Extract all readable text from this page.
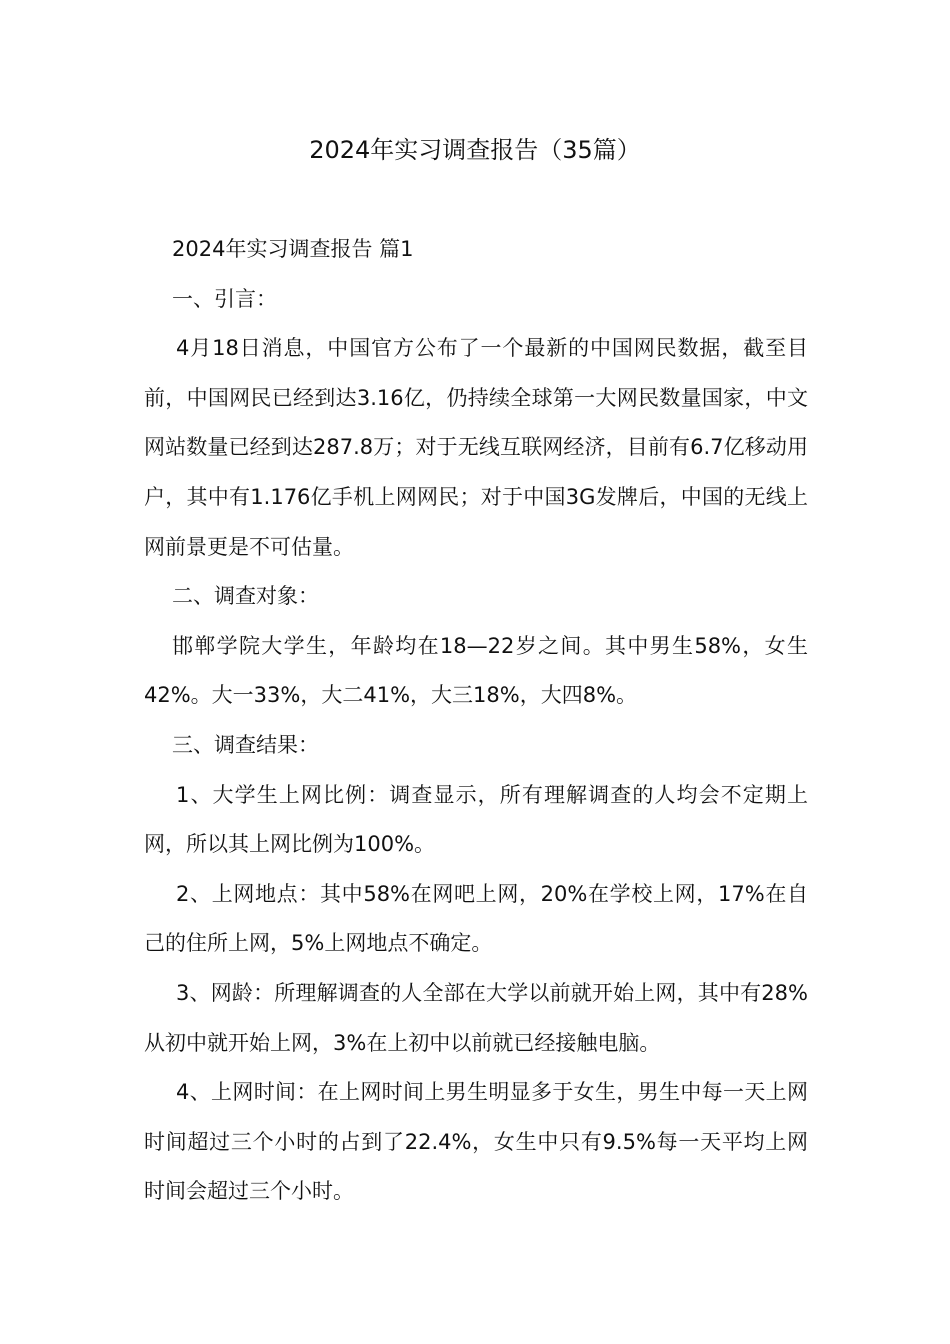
2024年实习调查报告（35篇）

2024年实习调查报告 篇1

一、引言：

4月18日消息，中国官方公布了一个最新的中国网民数据，截至目前，中国网民已经到达3.16亿，仍持续全球第一大网民数量国家，中文网站数量已经到达287.8万；对于无线互联网经济，目前有6.7亿移动用户，其中有1.176亿手机上网网民；对于中国3G发牌后，中国的无线上网前景更是不可估量。

二、调查对象：

邯郸学院大学生，年龄均在18—22岁之间。其中男生58%，女生42%。大一33%，大二41%，大三18%，大四8%。

三、调查结果：

1、大学生上网比例：调查显示，所有理解调查的人均会不定期上网，所以其上网比例为100%。

2、上网地点：其中58%在网吧上网，20%在学校上网，17%在自己的住所上网，5%上网地点不确定。

3、网龄：所理解调查的人全部在大学以前就开始上网，其中有28%从初中就开始上网，3%在上初中以前就已经接触电脑。

4、上网时间：在上网时间上男生明显多于女生，男生中每一天上网时间超过三个小时的占到了22.4%，女生中只有9.5%每一天平均上网时间会超过三个小时。
